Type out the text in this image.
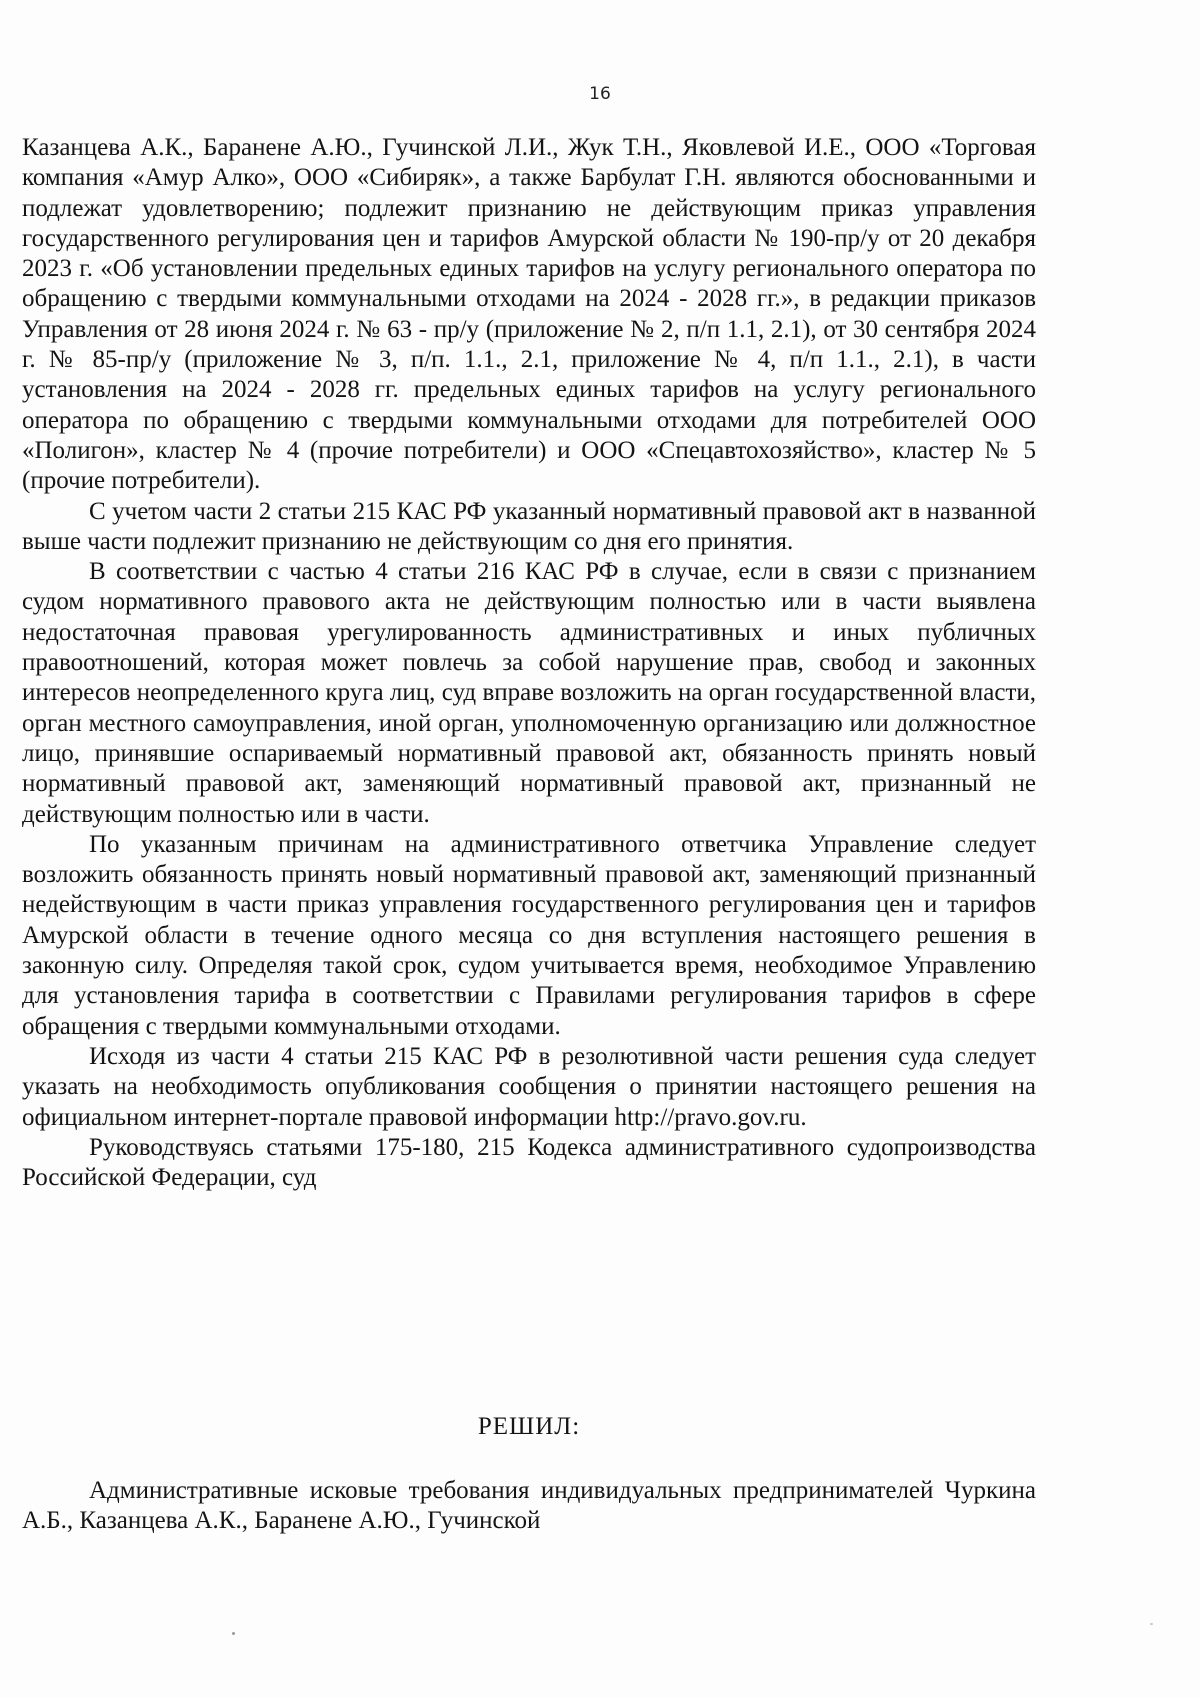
16

Казанцева А.К., Баранене А.Ю., Гучинской Л.И., Жук Т.Н., Яковлевой И.Е., ООО «Торговая компания «Амур Алко», ООО «Сибиряк», а также Барбулат Г.Н. являются обоснованными и подлежат удовлетворению; подлежит признанию не действующим приказ управления государственного регулирования цен и тарифов Амурской области № 190-пр/у от 20 декабря 2023 г. «Об установлении предельных единых тарифов на услугу регионального оператора по обращению с твердыми коммунальными отходами на 2024 - 2028 гг.», в редакции приказов Управления от 28 июня 2024 г. № 63 - пр/у (приложение № 2, п/п 1.1, 2.1), от 30 сентября 2024 г. № 85-пр/у (приложение № 3, п/п. 1.1., 2.1, приложение № 4, п/п 1.1., 2.1), в части установления на 2024 - 2028 гг. предельных единых тарифов на услугу регионального оператора по обращению с твердыми коммунальными отходами для потребителей ООО «Полигон», кластер № 4 (прочие потребители) и ООО «Спецавтохозяйство», кластер № 5 (прочие потребители).

С учетом части 2 статьи 215 КАС РФ указанный нормативный правовой акт в названной выше части подлежит признанию не действующим со дня его принятия.

В соответствии с частью 4 статьи 216 КАС РФ в случае, если в связи с признанием судом нормативного правового акта не действующим полностью или в части выявлена недостаточная правовая урегулированность административных и иных публичных правоотношений, которая может повлечь за собой нарушение прав, свобод и законных интересов неопределенного круга лиц, суд вправе возложить на орган государственной власти, орган местного самоуправления, иной орган, уполномоченную организацию или должностное лицо, принявшие оспариваемый нормативный правовой акт, обязанность принять новый нормативный правовой акт, заменяющий нормативный правовой акт, признанный не действующим полностью или в части.

По указанным причинам на административного ответчика Управление следует возложить обязанность принять новый нормативный правовой акт, заменяющий признанный недействующим в части приказ управления государственного регулирования цен и тарифов Амурской области в течение одного месяца со дня вступления настоящего решения в законную силу. Определяя такой срок, судом учитывается время, необходимое Управлению для установления тарифа в соответствии с Правилами регулирования тарифов в сфере обращения с твердыми коммунальными отходами.

Исходя из части 4 статьи 215 КАС РФ в резолютивной части решения суда следует указать на необходимость опубликования сообщения о принятии настоящего решения на официальном интернет-портале правовой информации http://pravo.gov.ru.

Руководствуясь статьями 175-180, 215 Кодекса административного судопроизводства Российской Федерации, суд

РЕШИЛ:

Административные исковые требования индивидуальных предпринимателей Чуркина А.Б., Казанцева А.К., Баранене А.Ю., Гучинской
